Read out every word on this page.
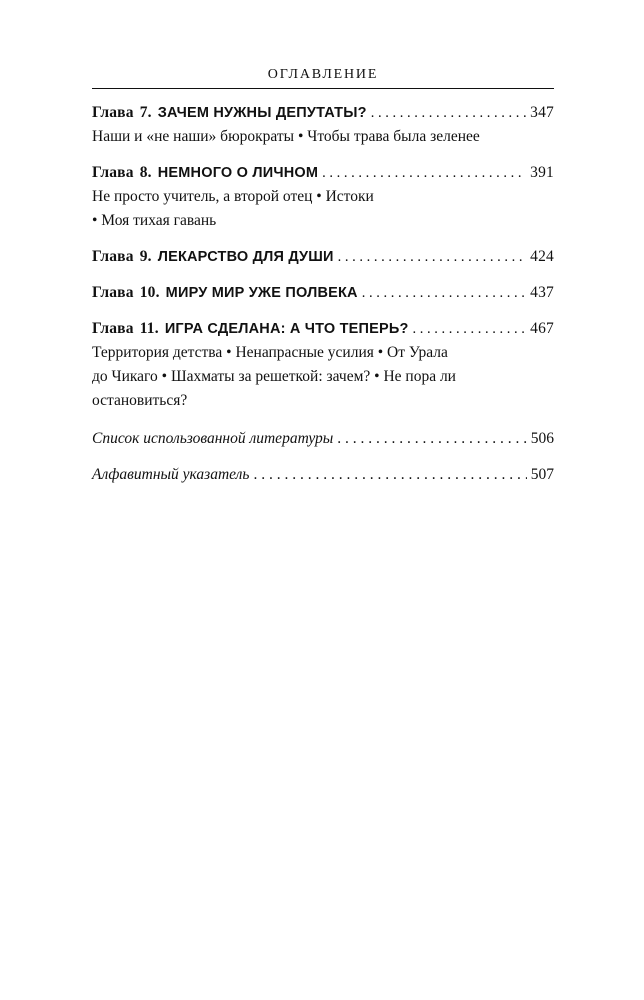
ОГЛАВЛЕНИЕ
Глава 7. ЗАЧЕМ НУЖНЫ ДЕПУТАТЫ? . . .	347
Наши и «не наши» бюрократы • Чтобы трава была зеленее
Глава 8. НЕМНОГО О ЛИЧНОМ . . .	391
Не просто учитель, а второй отец • Истоки
• Моя тихая гавань
Глава 9. ЛЕКАРСТВО ДЛЯ ДУШИ . . .	424
Глава 10. МИРУ МИР УЖЕ ПОЛВЕКА . . .	437
Глава 11. ИГРА СДЕЛАНА: А ЧТО ТЕПЕРЬ? . . .	467
Территория детства • Ненапрасные усилия • От Урала
до Чикаго • Шахматы за решеткой: зачем? • Не пора ли
остановиться?
Список использованной литературы . . .	506
Алфавитный указатель . . .	507
